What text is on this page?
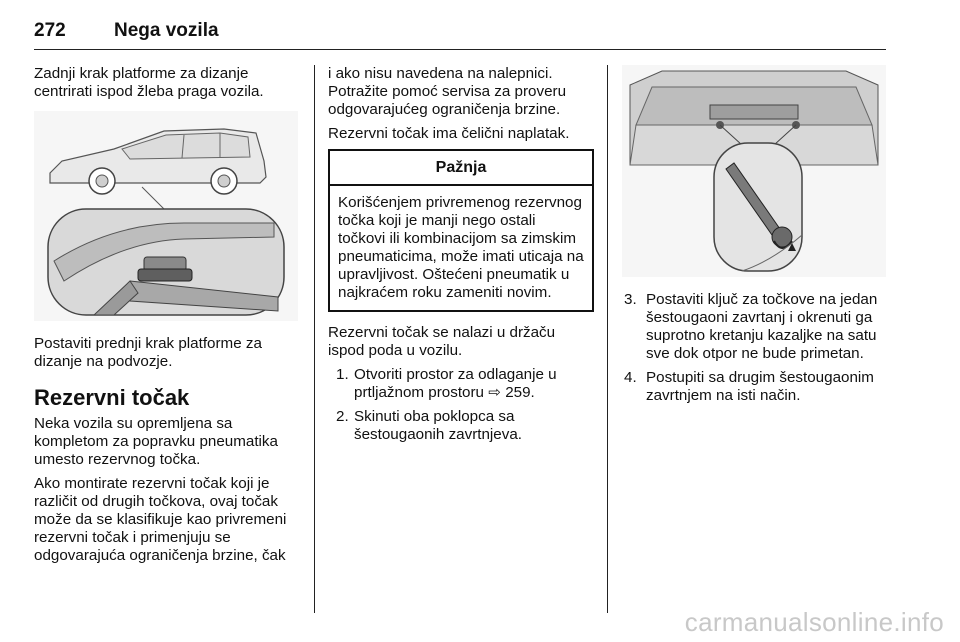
272	Nega vozila

Zadnji krak platforme za dizanje centrirati ispod žleba praga vozila.

Postaviti prednji krak platforme za dizanje na podvozje.

Rezervni točak

Neka vozila su opremljena sa kompletom za popravku pneumatika umesto rezervnog točka.

Ako montirate rezervni točak koji je različit od drugih točkova, ovaj točak može da se klasifikuje kao privremeni rezervni točak i primenjuju se odgovarajuća ograničenja brzine, čak

i ako nisu navedena na nalepnici. Potražite pomoć servisa za proveru odgovarajućeg ograničenja brzine.

Rezervni točak ima čelični naplatak.

Pažnja
Korišćenjem privremenog rezervnog točka koji je manji nego ostali točkovi ili kombinacijom sa zimskim pneumaticima, može imati uticaja na upravljivost. Oštećeni pneumatik u najkraćem roku zameniti novim.

Rezervni točak se nalazi u držaču ispod poda u vozilu.

1. Otvoriti prostor za odlaganje u prtljažnom prostoru ⇨ 259.
2. Skinuti oba poklopca sa šestougaonih zavrtnjeva.
3. Postaviti ključ za točkove na jedan šestougaoni zavrtanj i okrenuti ga suprotno kretanju kazaljke na satu sve dok otpor ne bude primetan.
4. Postupiti sa drugim šestougaonim zavrtnjem na isti način.
carmanualsonline.info
